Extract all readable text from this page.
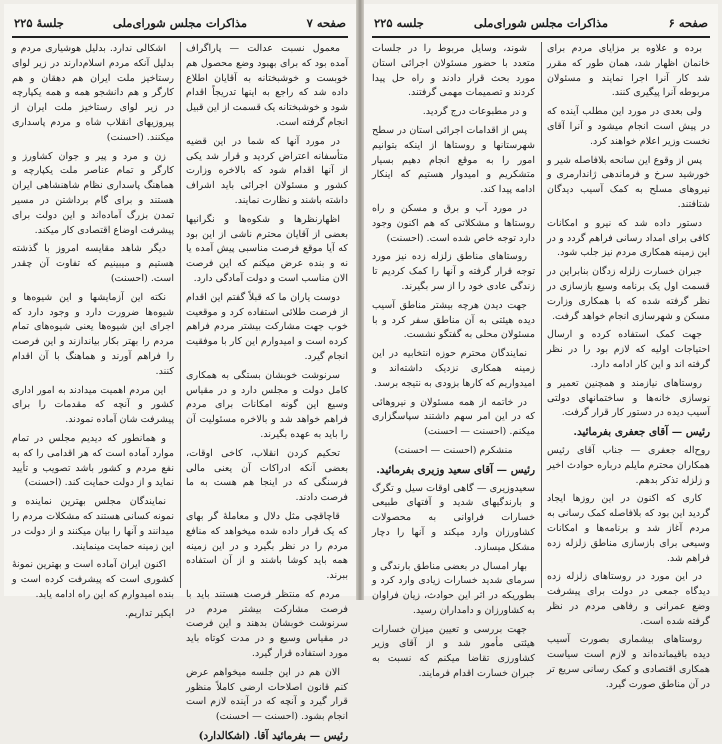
صفحه ۷
مذاکرات مجلس شورای‌ملی
جلسهٔ ۲۲۵

معمول نسبت عدالت — پاراگراف آمده بود که برای بهبود وضع محصول هم خوبست و خوشبختانه به آقایان اطلاع داده شد که راجع به اینها تدریجاً اقدام شود و خوشبختانه یک قسمت از این قبیل انجام گرفته است.

در مورد آنها که شما در این قضیه متأسفانه اعتراض کردید و قرار شد یکی از آنها اقدام شود که بالاخره وزارت کشور و مسئولان اجرائی باید اشراف داشته باشند و نظارت نمایند.

اظهارنظرها و شکوه‌ها و نگرانیها بعضی از آقایان محترم ناشی از این بود که آیا موقع فرصت مناسبی پیش آمده یا نه و بنده عرض میکنم که این فرصت الان مناسب است و دولت آمادگی دارد.

دوست یاران ما که قبلاً گفتم این اقدام از فرصت طلائی استفاده کرد و موقعیت خوب جهت مشارکت بیشتر مردم فراهم کرده است و امیدوارم این کار با موفقیت انجام گیرد.

سرنوشت خوبشان بستگی به همکاری کامل دولت و مجلس دارد و در مقیاس وسیع این گونه امکانات برای مردم فراهم خواهد شد و بالاخره مسئولیت آن را باید به عهده بگیرند.

تحکیم کردن انقلاب، کاخی اوقات، بعضی آنکه ادراکات آن یعنی مالی فرسنگی که در اینجا هم هست به ما فرصت دادند.

قاچاقچی مثل دلال و معاملهٔ گر بهای که یک قرار داده شده میخواهد که منافع مردم را در نظر بگیرد و در این زمینه همه باید کوشا باشند و از آن استفاده ببرند.

مردم که منتظر فرصت هستند باید با فرصت مشارکت بیشتر مردم در سرنوشت خوبشان بدهند و این فرصت در مقیاس وسیع و در مدت کوتاه باید مورد استفاده قرار گیرد.

الان هم در این جلسه میخواهم عرض کنم قانون اصلاحات ارضی کاملاً منظور قرار گیرد و آنچه که در آینده لازم است انجام بشود. (احسنت — احسنت)

رئیس — بفرمائید آقا. (اشکالدارد)

اشکالی ندارد. بدلیل هوشیاری مردم و بدلیل آنکه مردم اسلام‌دارند در زیر لوای رستاخیز ملت ایران هم دهقان و هم کارگر و هم دانشجو همه و همه یکپارچه در زیر لوای رستاخیز ملت ایران از پیروزیهای انقلاب شاه و مردم پاسداری میکنند. (احسنت)

زن و مرد و پیر و جوان کشاورز و کارگر و تمام عناصر ملت یکپارچه و هماهنگ پاسداری نظام شاهنشاهی ایران هستند و برای گام برداشتن در مسیر تمدن بزرگ آماده‌اند و این دولت برای پیشرفت اوضاع اقتصادی کار میکند.

دیگر شاهد مقایسه امروز با گذشته هستیم و میبینیم که تفاوت آن چقدر است. (احسنت)

نکته این آزمایشها و این شیوه‌ها و شیوه‌ها ضرورت دارد و وجود دارد که اجرای این شیوه‌ها یعنی شیوه‌های تمام مردم را بهتر بکار بیاندازند و این فرصت را فراهم آورند و هماهنگ با آن اقدام کنند.

این مردم اهمیت میدادند به امور اداری کشور و آنچه که مقدمات را برای پیشرفت شان آماده نمودند.

و همانطور که دیدیم مجلس در تمام موارد آماده است که هر اقدامی را که به نفع مردم و کشور باشد تصویب و تأیید نماید و از دولت حمایت کند. (احسنت)

نمایندگان مجلس بهترین نماینده و نمونه کسانی هستند که مشکلات مردم را میدانند و آنها را بیان میکنند و از دولت در این زمینه حمایت مینمایند.

اکنون ایران آماده است و بهترین نمونهٔ کشوری است که پیشرفت کرده است و بنده امیدوارم که این راه ادامه یابد.

ایکیر تداریم.

صفحه ۶
مذاکرات مجلس شورای‌ملی
جلسه ۲۲۵

برده و علاوه بر مزایای مردم برای خانمان اظهار شد، همان طور که مقرر شد کار آنرا اجرا نمایند و مسئولان مربوطه آنرا پیگیری کنند.

ولی بعدی در مورد این مطلب آینده که در پیش است انجام میشود و آنرا آقای نخست وزیر اعلام خواهند کرد.

پس از وقوع این سانحه بلافاصله شیر و خورشید سرخ و فرماندهی ژاندارمری و نیروهای مسلح به کمک آسیب دیدگان شتافتند.

دستور داده شد که نیرو و امکانات کافی برای امداد رسانی فراهم گردد و در این زمینه همکاری مردم نیز جلب شود.

جبران خسارت زلزله زدگان بنابراین در قسمت اول یک برنامه وسیع بازسازی در نظر گرفته شده که با همکاری وزارت مسکن و شهرسازی انجام خواهد گرفت.

جهت کمک استفاده کرده و ارسال احتیاجات اولیه که لازم بود را در نظر گرفته اند و این کار ادامه دارد.

روستاهای نیازمند و همچنین تعمیر و نوسازی خانه‌ها و ساختمانهای دولتی آسیب دیده در دستور کار قرار گرفت.

رئیس — آقای جعفری بفرمائید.

روح‌اله جعفری — جناب آقای رئیس همکاران محترم مایلم درباره حوادث اخیر و زلزله تذکر بدهم.

کاری که اکنون در این روزها ایجاد گردید این بود که بلافاصله کمک رسانی به مردم آغاز شد و برنامه‌ها و امکانات وسیعی برای بازسازی مناطق زلزله زده فراهم شد.

در این مورد در روستاهای زلزله زده دیدگاه جمعی در دولت برای پیشرفت وضع عمرانی و رفاهی مردم در نظر گرفته شده است.

روستاهای بیشماری بصورت آسیب دیده باقیمانده‌اند و لازم است سیاست همکاری اقتصادی و کمک رسانی سریع تر در آن مناطق صورت گیرد.

شوند، وسایل مربوط را در جلسات متعدد با حضور مسئولان اجرائی استان مورد بحث قرار دادند و راه حل پیدا کردند و تصمیمات مهمی گرفتند.

و در مطبوعات درج گردید.

پس از اقدامات اجرائی استان در سطح شهرستانها و روستاها از اینکه بتوانیم امور را به موقع انجام دهیم بسیار متشکریم و امیدوار هستیم که اینکار ادامه پیدا کند.

در مورد آب و برق و مسکن و راه روستاها و مشکلاتی که هم اکنون وجود دارد توجه خاص شده است. (احسنت)

روستاهای مناطق زلزله زده نیز مورد توجه قرار گرفته و آنها را کمک کردیم تا زندگی عادی خود را از سر بگیرند.

جهت دیدن هرچه بیشتر مناطق آسیب دیده هیئتی به آن مناطق سفر کرد و با مسئولان محلی به گفتگو نشست.

نمایندگان محترم حوزه انتخابیه در این زمینه همکاری نزدیک داشته‌اند و امیدواریم که کارها بزودی به نتیجه برسد.

در خاتمه از همه مسئولان و نیروهائی که در این امر سهم داشتند سپاسگزاری میکنم. (احسنت — احسنت)

منشکرم (احسنت — احسنت)

رئیس — آقای سعید وزیری بفرمائید.

سعیدوزیری — گاهی اوقات سیل و تگرگ و بارندگیهای شدید و آفتهای طبیعی خسارات فراوانی به محصولات کشاورزان وارد میکند و آنها را دچار مشکل میسازد.

بهار امسال در بعضی مناطق بارندگی و سرمای شدید خسارات زیادی وارد کرد و بطوریکه در اثر این حوادث، زیان فراوان به کشاورزان و دامداران رسید.

جهت بررسی و تعیین میزان خسارات هیئتی مأمور شد و از آقای وزیر کشاورزی تقاضا میکنم که نسبت به جبران خسارت اقدام فرمایند.
